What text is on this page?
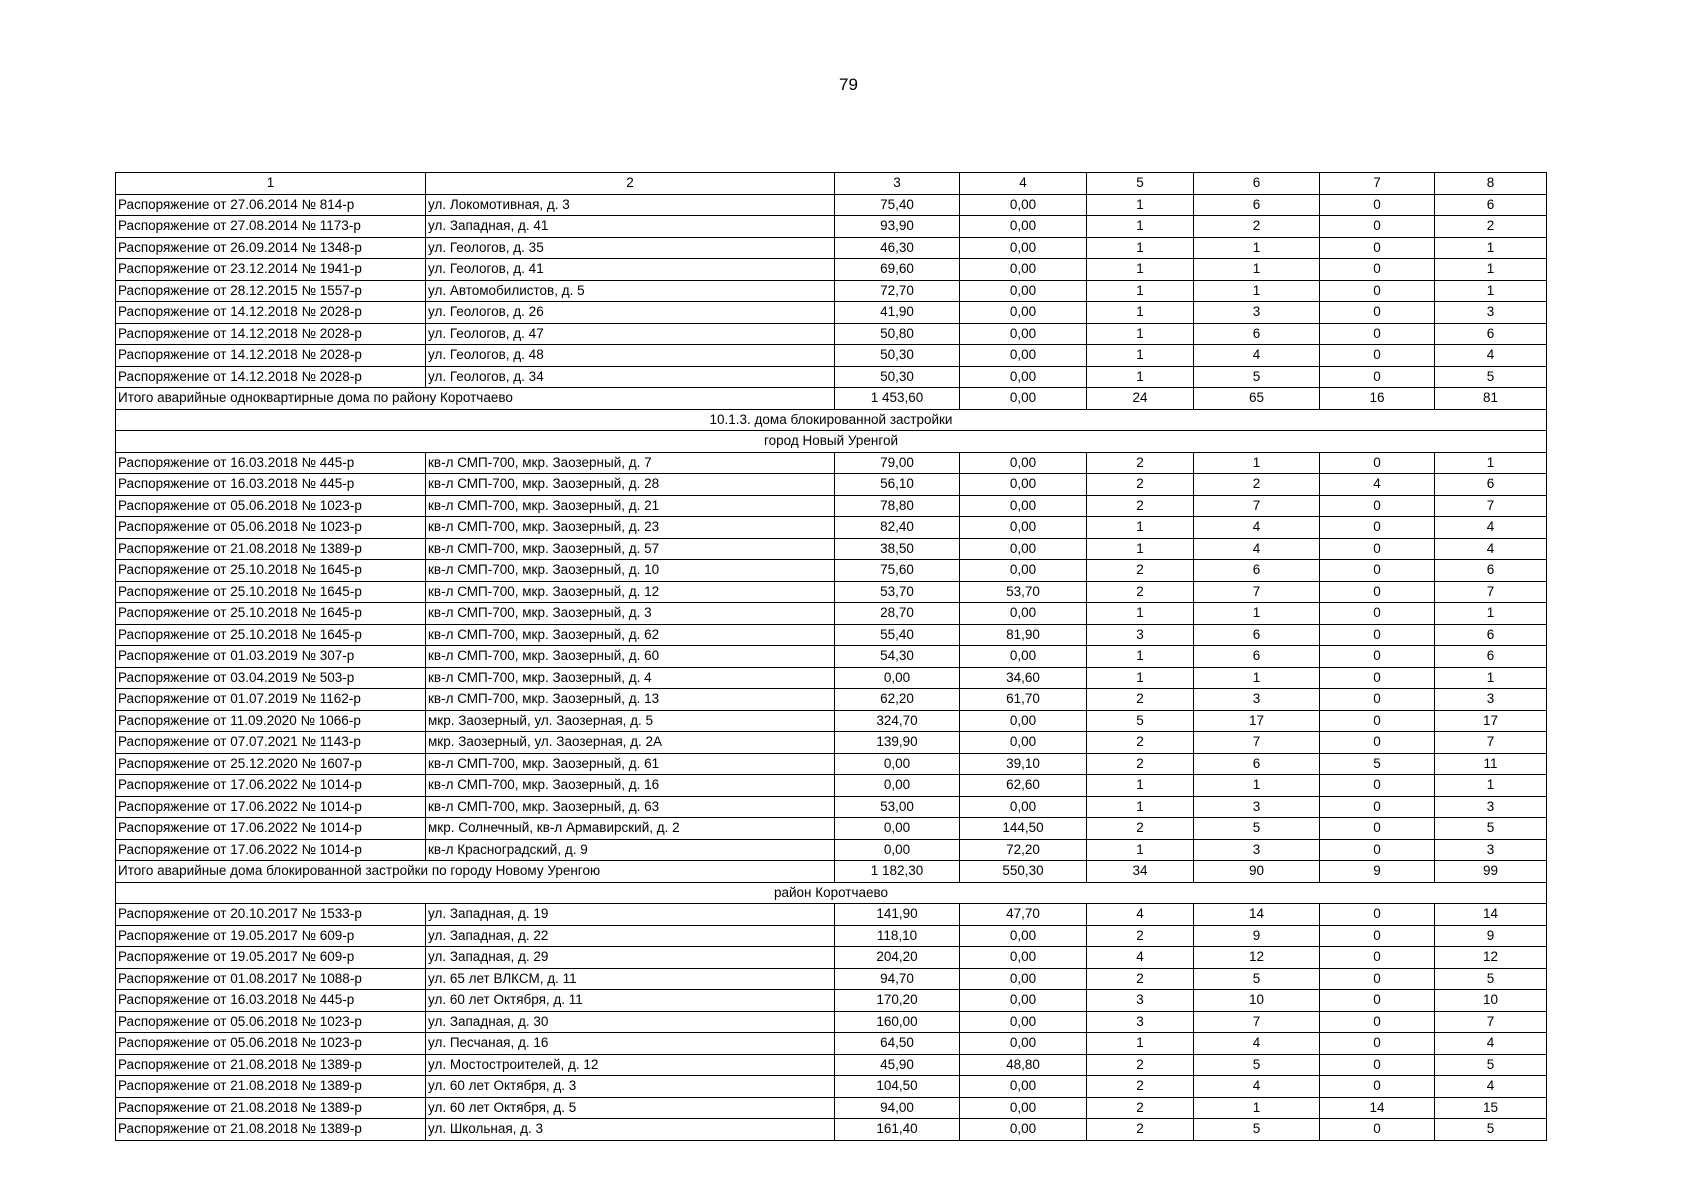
79
1	2	3	4	5	6	7	8
Распоряжение от 27.06.2014 № 814-р	ул. Локомотивная, д. 3	75,40	0,00	1	6	0	6
Распоряжение от 27.08.2014 № 1173-р	ул. Западная, д. 41	93,90	0,00	1	2	0	2
Распоряжение от 26.09.2014 № 1348-р	ул. Геологов, д. 35	46,30	0,00	1	1	0	1
Распоряжение от 23.12.2014 № 1941-р	ул. Геологов, д. 41	69,60	0,00	1	1	0	1
Распоряжение от 28.12.2015 № 1557-р	ул. Автомобилистов, д. 5	72,70	0,00	1	1	0	1
Распоряжение от 14.12.2018 № 2028-р	ул. Геологов, д. 26	41,90	0,00	1	3	0	3
Распоряжение от 14.12.2018 № 2028-р	ул. Геологов, д. 47	50,80	0,00	1	6	0	6
Распоряжение от 14.12.2018 № 2028-р	ул. Геологов, д. 48	50,30	0,00	1	4	0	4
Распоряжение от 14.12.2018 № 2028-р	ул. Геологов, д. 34	50,30	0,00	1	5	0	5
Итого аварийные одноквартирные дома по району Коротчаево		1 453,60	0,00	24	65	16	81
10.1.3. дома блокированной застройки							
город Новый Уренгой							
Распоряжение от 16.03.2018 № 445-р	кв-л СМП-700, мкр. Заозерный, д. 7	79,00	0,00	2	1	0	1
Распоряжение от 16.03.2018 № 445-р	кв-л СМП-700, мкр. Заозерный, д. 28	56,10	0,00	2	2	4	6
Распоряжение от 05.06.2018 № 1023-р	кв-л СМП-700, мкр. Заозерный, д. 21	78,80	0,00	2	7	0	7
Распоряжение от 05.06.2018 № 1023-р	кв-л СМП-700, мкр. Заозерный, д. 23	82,40	0,00	1	4	0	4
Распоряжение от 21.08.2018 № 1389-р	кв-л СМП-700, мкр. Заозерный, д. 57	38,50	0,00	1	4	0	4
Распоряжение от 25.10.2018 № 1645-р	кв-л СМП-700, мкр. Заозерный, д. 10	75,60	0,00	2	6	0	6
Распоряжение от 25.10.2018 № 1645-р	кв-л СМП-700, мкр. Заозерный, д. 12	53,70	53,70	2	7	0	7
Распоряжение от 25.10.2018 № 1645-р	кв-л СМП-700, мкр. Заозерный, д. 3	28,70	0,00	1	1	0	1
Распоряжение от 25.10.2018 № 1645-р	кв-л СМП-700, мкр. Заозерный, д. 62	55,40	81,90	3	6	0	6
Распоряжение от 01.03.2019 № 307-р	кв-л СМП-700, мкр. Заозерный, д. 60	54,30	0,00	1	6	0	6
Распоряжение от 03.04.2019 № 503-р	кв-л СМП-700, мкр. Заозерный, д. 4	0,00	34,60	1	1	0	1
Распоряжение от 01.07.2019 № 1162-р	кв-л СМП-700, мкр. Заозерный, д. 13	62,20	61,70	2	3	0	3
Распоряжение от 11.09.2020 № 1066-р	мкр. Заозерный, ул. Заозерная, д. 5	324,70	0,00	5	17	0	17
Распоряжение от 07.07.2021 № 1143-р	мкр. Заозерный, ул. Заозерная, д. 2А	139,90	0,00	2	7	0	7
Распоряжение от 25.12.2020 № 1607-р	кв-л СМП-700, мкр. Заозерный, д. 61	0,00	39,10	2	6	5	11
Распоряжение от 17.06.2022 № 1014-р	кв-л СМП-700, мкр. Заозерный, д. 16	0,00	62,60	1	1	0	1
Распоряжение от 17.06.2022 № 1014-р	кв-л СМП-700, мкр. Заозерный, д. 63	53,00	0,00	1	3	0	3
Распоряжение от 17.06.2022 № 1014-р	мкр. Солнечный, кв-л Армавирский, д. 2	0,00	144,50	2	5	0	5
Распоряжение от 17.06.2022 № 1014-р	кв-л Красноградский, д. 9	0,00	72,20	1	3	0	3
Итого аварийные дома блокированной застройки по городу Новому Уренгою		1 182,30	550,30	34	90	9	99
район Коротчаево							
Распоряжение от 20.10.2017 № 1533-р	ул. Западная, д. 19	141,90	47,70	4	14	0	14
Распоряжение от 19.05.2017 № 609-р	ул. Западная, д. 22	118,10	0,00	2	9	0	9
Распоряжение от 19.05.2017 № 609-р	ул. Западная, д. 29	204,20	0,00	4	12	0	12
Распоряжение от 01.08.2017 № 1088-р	ул. 65 лет ВЛКСМ, д. 11	94,70	0,00	2	5	0	5
Распоряжение от 16.03.2018 № 445-р	ул. 60 лет Октября, д. 11	170,20	0,00	3	10	0	10
Распоряжение от 05.06.2018 № 1023-р	ул. Западная, д. 30	160,00	0,00	3	7	0	7
Распоряжение от 05.06.2018 № 1023-р	ул. Песчаная, д. 16	64,50	0,00	1	4	0	4
Распоряжение от 21.08.2018 № 1389-р	ул. Мостостроителей, д. 12	45,90	48,80	2	5	0	5
Распоряжение от 21.08.2018 № 1389-р	ул. 60 лет Октября, д. 3	104,50	0,00	2	4	0	4
Распоряжение от 21.08.2018 № 1389-р	ул. 60 лет Октября, д. 5	94,00	0,00	2	1	14	15
Распоряжение от 21.08.2018 № 1389-р	ул. Школьная, д. 3	161,40	0,00	2	5	0	5
